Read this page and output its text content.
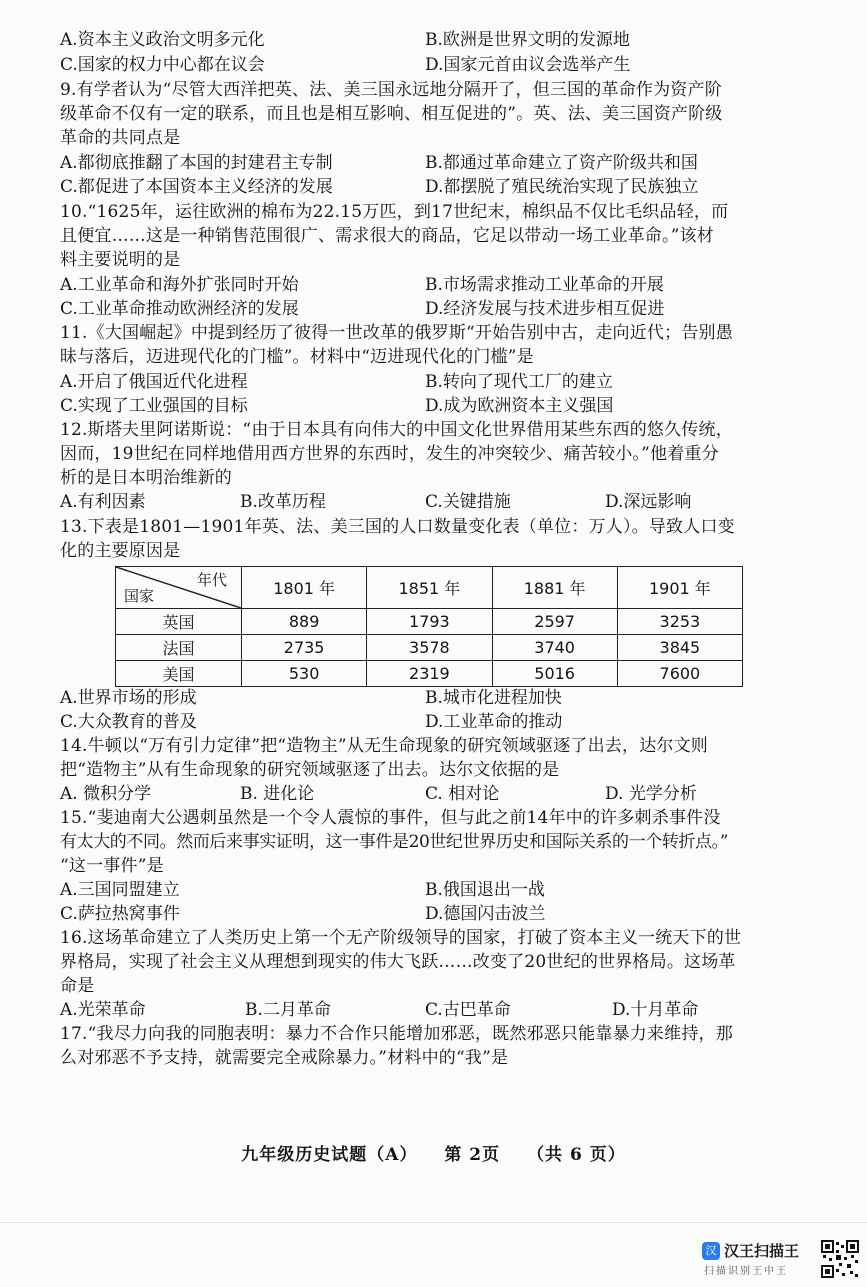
A.资本主义政治文明多元化	B.欧洲是世界文明的发源地
C.国家的权力中心都在议会	D.国家元首由议会选举产生
9.有学者认为“尽管大西洋把英、法、美三国永远地分隔开了，但三国的革命作为资产阶
级革命不仅有一定的联系，而且也是相互影响、相互促进的”。英、法、美三国资产阶级
革命的共同点是
A.都彻底推翻了本国的封建君主专制	B.都通过革命建立了资产阶级共和国
C.都促进了本国资本主义经济的发展	D.都摆脱了殖民统治实现了民族独立
10.“1625年，运往欧洲的棉布为22.15万匹，到17世纪末，棉织品不仅比毛织品轻，而
且便宜……这是一种销售范围很广、需求很大的商品，它足以带动一场工业革命。”该材
料主要说明的是
A.工业革命和海外扩张同时开始	B.市场需求推动工业革命的开展
C.工业革命推动欧洲经济的发展	D.经济发展与技术进步相互促进
11.《大国崛起》中提到经历了彼得一世改革的俄罗斯“开始告别中古，走向近代；告别愚
昧与落后，迈进现代化的门槛”。材料中“迈进现代化的门槛”是
A.开启了俄国近代化进程	B.转向了现代工厂的建立
C.实现了工业强国的目标	D.成为欧洲资本主义强国
12.斯塔夫里阿诺斯说：“由于日本具有向伟大的中国文化世界借用某些东西的悠久传统，
因而，19世纪在同样地借用西方世界的东西时，发生的冲突较少、痛苦较小。”他着重分
析的是日本明治维新的
A.有利因素	B.改革历程	C.关键措施	D.深远影响
13.下表是1801—1901年英、法、美三国的人口数量变化表（单位：万人）。导致人口变
化的主要原因是
年代
国家	1801 年	1851 年	1881 年	1901 年
英国	889	1793	2597	3253
法国	2735	3578	3740	3845
美国	530	2319	5016	7600
A.世界市场的形成	B.城市化进程加快
C.大众教育的普及	D.工业革命的推动
14.牛顿以“万有引力定律”把“造物主”从无生命现象的研究领域驱逐了出去，达尔文则
把“造物主”从有生命现象的研究领域驱逐了出去。达尔文依据的是
A. 微积分学	B. 进化论	C. 相对论	D. 光学分析
15.“斐迪南大公遇刺虽然是一个令人震惊的事件，但与此之前14年中的许多刺杀事件没
有太大的不同。然而后来事实证明，这一事件是20世纪世界历史和国际关系的一个转折点。”
“这一事件”是
A.三国同盟建立	B.俄国退出一战
C.萨拉热窝事件	D.德国闪击波兰
16.这场革命建立了人类历史上第一个无产阶级领导的国家，打破了资本主义一统天下的世
界格局，实现了社会主义从理想到现实的伟大飞跃……改变了20世纪的世界格局。这场革
命是
A.光荣革命	B.二月革命	C.古巴革命	D.十月革命
17.“我尽力向我的同胞表明：暴力不合作只能增加邪恶，既然邪恶只能靠暴力来维持，那
么对邪恶不予支持，就需要完全戒除暴力。”材料中的“我”是
九年级历史试题（A） 第 2页 （共 6 页）
汉 汉王扫描王
扫描识别王中王
